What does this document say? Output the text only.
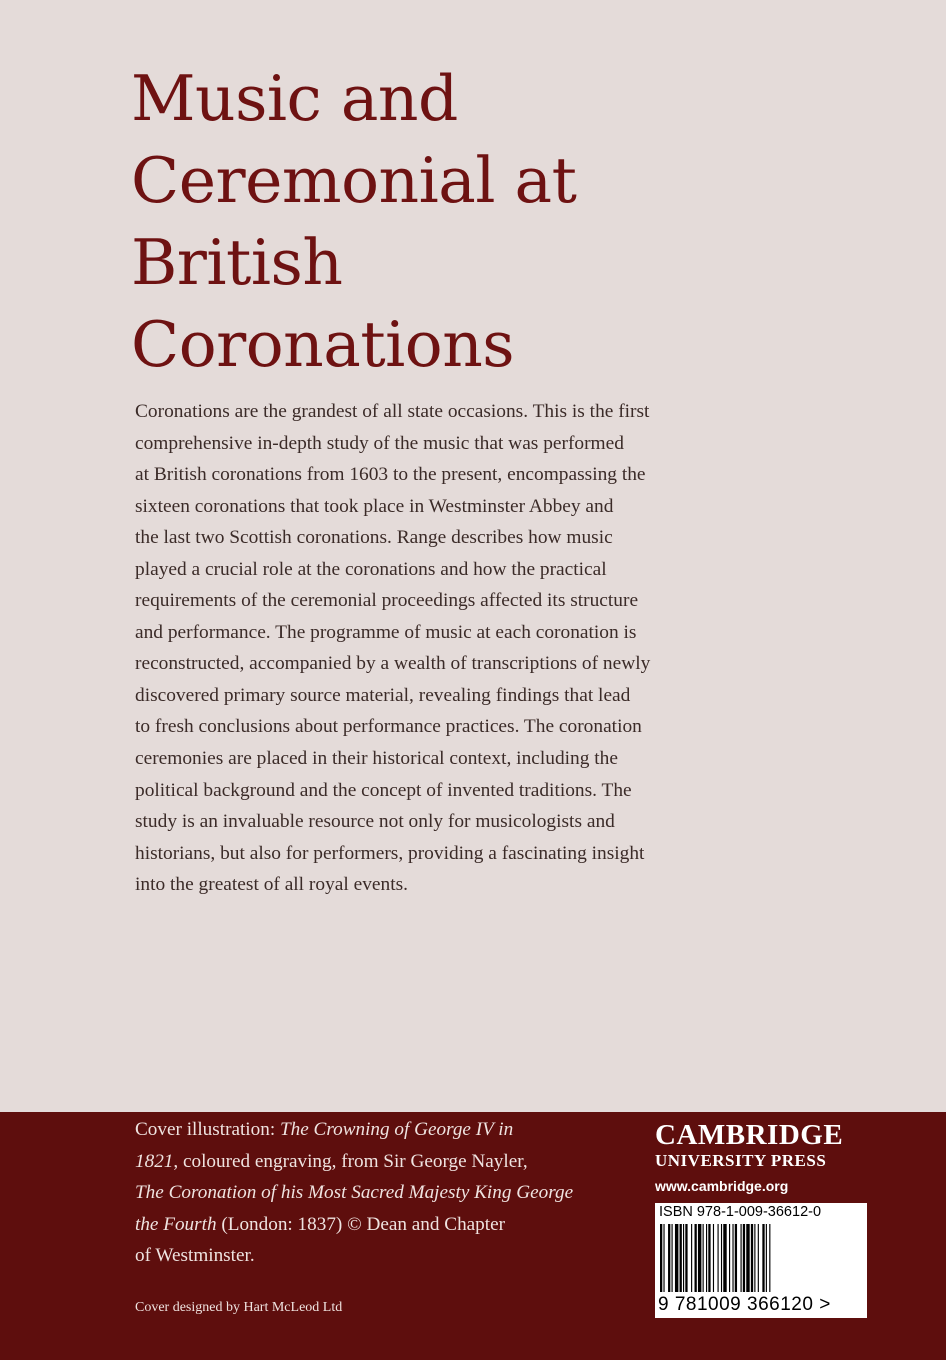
Music and
Ceremonial at
British
Coronations
Coronations are the grandest of all state occasions. This is the first
comprehensive in-depth study of the music that was performed
at British coronations from 1603 to the present, encompassing the
sixteen coronations that took place in Westminster Abbey and
the last two Scottish coronations. Range describes how music
played a crucial role at the coronations and how the practical
requirements of the ceremonial proceedings affected its structure
and performance. The programme of music at each coronation is
reconstructed, accompanied by a wealth of transcriptions of newly
discovered primary source material, revealing findings that lead
to fresh conclusions about performance practices. The coronation
ceremonies are placed in their historical context, including the
political background and the concept of invented traditions. The
study is an invaluable resource not only for musicologists and
historians, but also for performers, providing a fascinating insight
into the greatest of all royal events.
Cover illustration: The Crowning of George IV in
1821, coloured engraving, from Sir George Nayler,
The Coronation of his Most Sacred Majesty King George
the Fourth (London: 1837) © Dean and Chapter
of Westminster.
Cover designed by Hart McLeod Ltd
CAMBRIDGE
UNIVERSITY PRESS
www.cambridge.org
ISBN 978-1-009-36612-0
9 781009 366120 >
